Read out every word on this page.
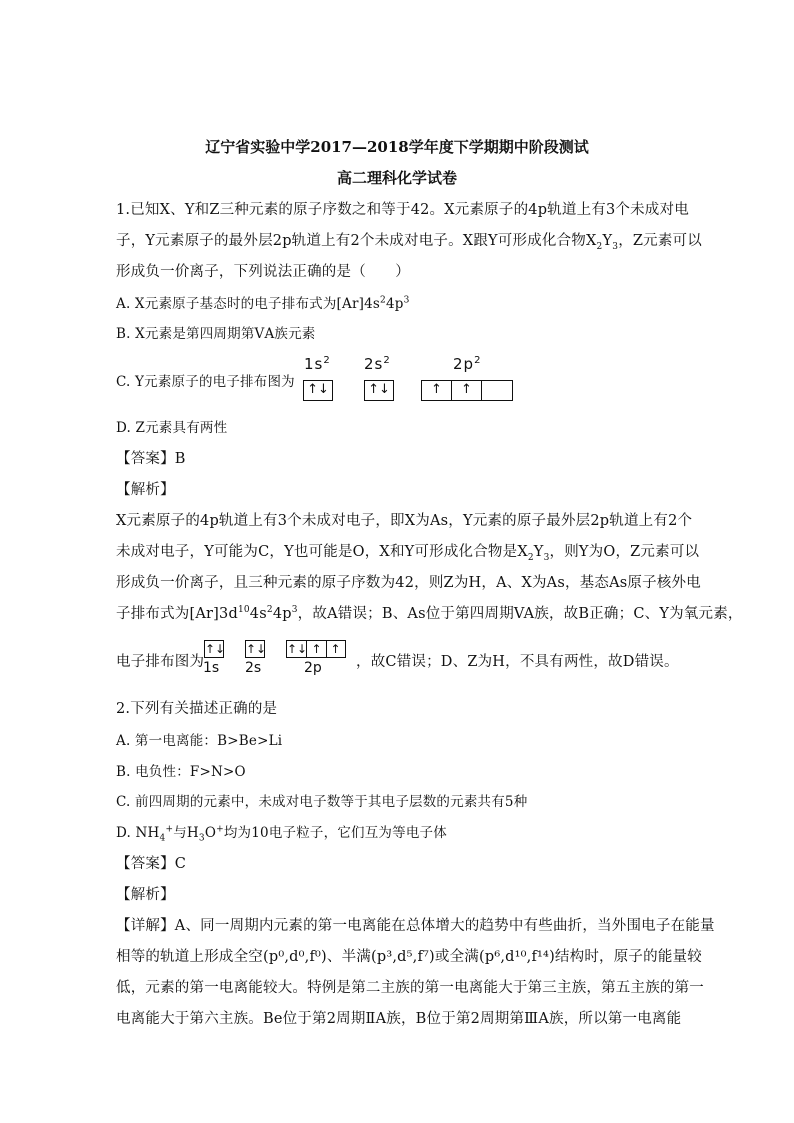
辽宁省实验中学2017—2018学年度下学期期中阶段测试
高二理科化学试卷
1.已知X、Y和Z三种元素的原子序数之和等于42。X元素原子的4p轨道上有3个未成对电
子，Y元素原子的最外层2p轨道上有2个未成对电子。X跟Y可形成化合物$X_2Y_3$，Z元素可以
形成负一价离子，下列说法正确的是（　　）
A. X元素原子基态时的电子排布式为$[Ar]4s^24p^3$
B. X元素是第四周期第ⅤA族元素
C. Y元素原子的电子排布图为
$1s^2$
↑↓
$2s^2$
↑↓
$2p^2$
↑	↑
D. Z元素具有两性
【答案】B
【解析】
X元素原子的4p轨道上有3个未成对电子，即X为As，Y元素的原子最外层2p轨道上有2个
未成对电子，Y可能为C，Y也可能是O，X和Y可形成化合物是$X_2Y_3$，则Y为O，Z元素可以
形成负一价离子，且三种元素的原子序数为42，则Z为H，A、X为As，基态As原子核外电
子排布式为$[Ar]3d^{10}4s^24p^3$，故A错误；B、As位于第四周期VA族，故B正确；C、Y为氧元素，
电子排布图为
↑↓
1s
↑↓
2s
↑↓ ↑ ↑
2p ，故C错误；D、Z为H，不具有两性，故D错误。
2.下列有关描述正确的是
A. 第一电离能：B>Be>Li
B. 电负性：F>N>O
C. 前四周期的元素中，未成对电子数等于其电子层数的元素共有5种
D. $NH_4^+$与$H_3O^+$均为10电子粒子，它们互为等电子体
【答案】C
【解析】
【详解】A、同一周期内元素的第一电离能在总体增大的趋势中有些曲折，当外围电子在能量
相等的轨道上形成全空(p⁰,d⁰,f⁰)、半满(p³,d⁵,f⁷)或全满(p⁶,d¹⁰,f¹⁴)结构时，原子的能量较
低，元素的第一电离能较大。特例是第二主族的第一电离能大于第三主族，第五主族的第一
电离能大于第六主族。Be位于第2周期ⅡA族，B位于第2周期第ⅢA族，所以第一电离能
